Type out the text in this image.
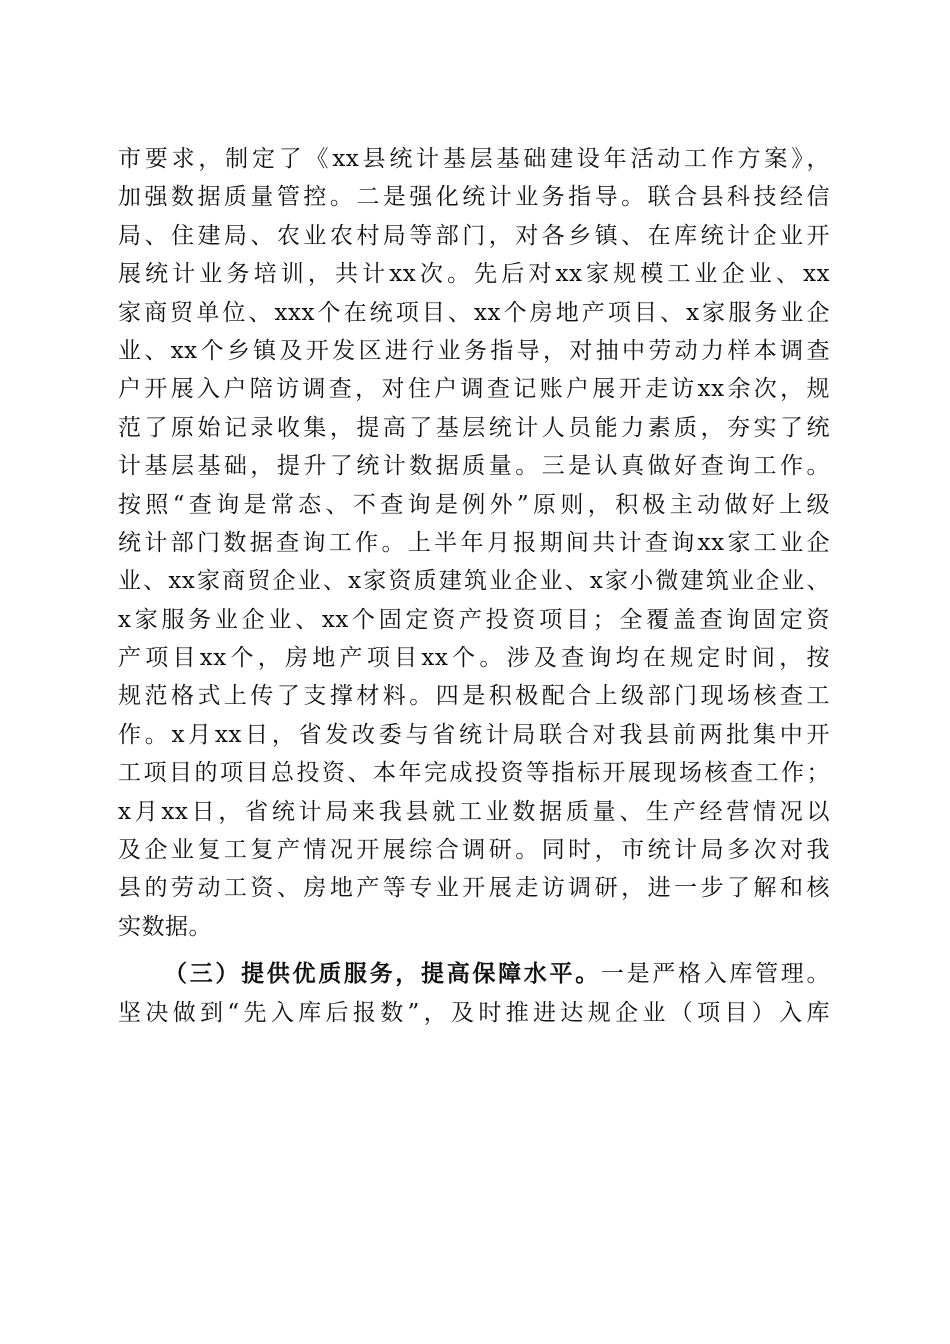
市要求，制定了《xx县统计基层基础建设年活动工作方案》，
加强数据质量管控。二是强化统计业务指导。联合县科技经信
局、住建局、农业农村局等部门，对各乡镇、在库统计企业开
展统计业务培训，共计xx次。先后对xx家规模工业企业、xx
家商贸单位、xxx个在统项目、xx个房地产项目、x家服务业企
业、xx个乡镇及开发区进行业务指导，对抽中劳动力样本调查
户开展入户陪访调查，对住户调查记账户展开走访xx余次，规
范了原始记录收集，提高了基层统计人员能力素质，夯实了统
计基层基础，提升了统计数据质量。三是认真做好查询工作。
按照“查询是常态、不查询是例外”原则，积极主动做好上级
统计部门数据查询工作。上半年月报期间共计查询xx家工业企
业、xx家商贸企业、x家资质建筑业企业、x家小微建筑业企业、
x家服务业企业、xx个固定资产投资项目；全覆盖查询固定资
产项目xx个，房地产项目xx个。涉及查询均在规定时间，按
规范格式上传了支撑材料。四是积极配合上级部门现场核查工
作。x月xx日，省发改委与省统计局联合对我县前两批集中开
工项目的项目总投资、本年完成投资等指标开展现场核查工作；
x月xx日，省统计局来我县就工业数据质量、生产经营情况以
及企业复工复产情况开展综合调研。同时，市统计局多次对我
县的劳动工资、房地产等专业开展走访调研，进一步了解和核
实数据。
（三）提供优质服务，提高保障水平。一是严格入库管理。
坚决做到“先入库后报数”，及时推进达规企业（项目）入库
